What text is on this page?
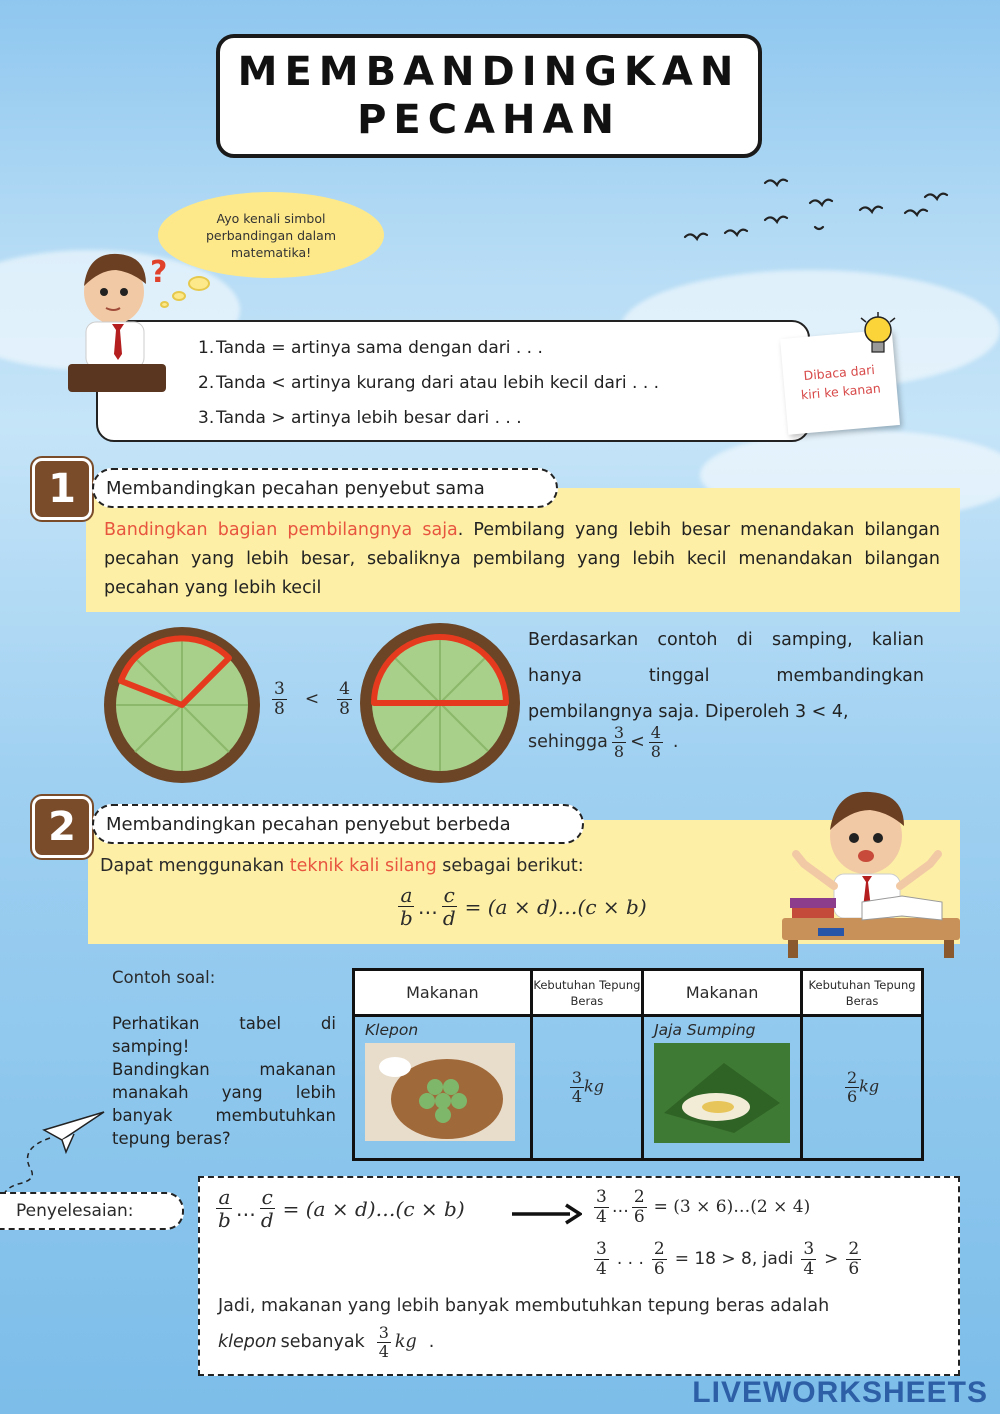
MEMBANDINGKAN
PECAHAN
Ayo kenali simbol
perbandingan dalam
matematika!
1. Tanda = artinya sama dengan dari . . .
2. Tanda < artinya kurang dari atau lebih kecil dari . . .
3. Tanda > artinya lebih besar dari . . .
?
Dibaca dari
kiri ke kanan
1	Membandingkan pecahan penyebut sama
Bandingkan bagian pembilangnya saja. Pembilang yang lebih besar menandakan bilangan pecahan yang lebih besar, sebaliknya pembilang yang lebih kecil menandakan bilangan pecahan yang lebih kecil
$\frac{3}{8} < \frac{4}{8}$
Berdasarkan contoh di samping, kalian hanya tinggal membandingkan pembilangnya saja. Diperoleh 3 < 4,
sehingga $\frac{3}{8} < \frac{4}{8}$ .
2	Membandingkan pecahan penyebut berbeda
Dapat menggunakan teknik kali silang sebagai berikut:
$\frac{a}{b}$ … $\frac{c}{d} = (a$ × d)…(c × b)
Contoh soal:
Perhatikan tabel di samping!
Bandingkan makanan manakah yang lebih banyak membutuhkan tepung beras?
Makanan	Kebutuhan Tepung Beras	Makanan	Kebutuhan Tepung Beras

Klepon	$\frac{3}{4}$ kg	Jaja Sumping	$\frac{2}{6}$ kg
Penyelesaian:	$\frac{a}{b}$ … $\frac{c}{d} = (a$ × d)…(c × b)	$\frac{3}{4}$ … $\frac{2}{6} = (3$ × 6)…(2 × 4)
$\frac{3}{4}$ . . . $\frac{2}{6} = 18 > 8$, jadi $\frac{3}{4} > \frac{2}{6}$
Jadi, makanan yang lebih banyak membutuhkan tepung beras adalah
klepon sebanyak $\frac{3}{4}$ kg .
LIVEWORKSHEETS
